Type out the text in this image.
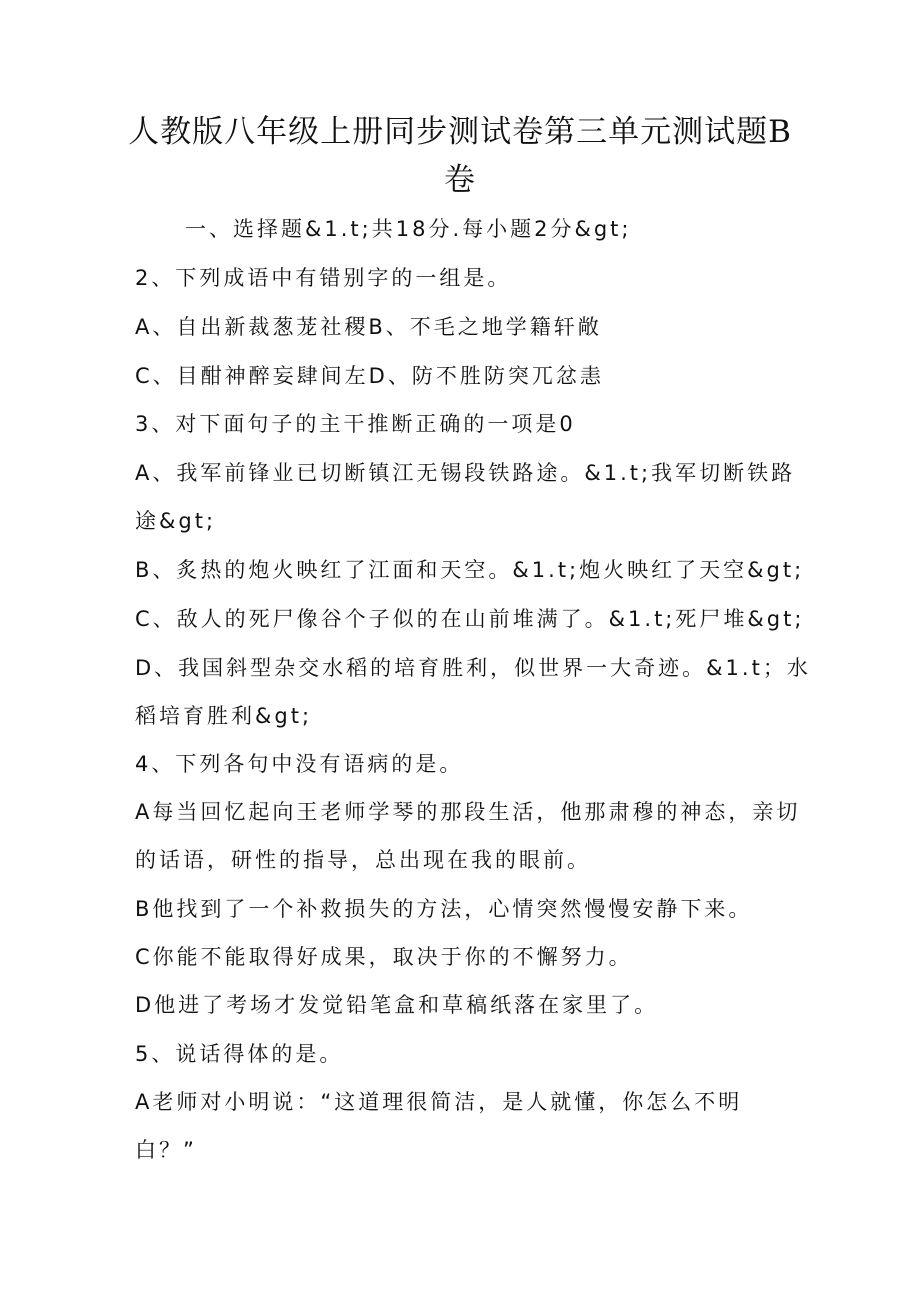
人教版八年级上册同步测试卷第三单元测试题B
卷
一、选择题&1.t;共18分.每小题2分&gt;
2、下列成语中有错别字的一组是。
A、自出新裁葱茏社稷B、不毛之地学籍轩敞
C、目酣神醉妄肆间左D、防不胜防突兀忿恚
3、对下面句子的主干推断正确的一项是0
A、我军前锋业已切断镇江无锡段铁路途。&1.t;我军切断铁路
途&gt;
B、炙热的炮火映红了江面和天空。&1.t;炮火映红了天空&gt;
C、敌人的死尸像谷个子似的在山前堆满了。&1.t;死尸堆&gt;
D、我国斜型杂交水稻的培育胜利，似世界一大奇迹。&1.t；水
稻培育胜利&gt;
4、下列各句中没有语病的是。
A每当回忆起向王老师学琴的那段生活，他那肃穆的神态，亲切
的话语，研性的指导，总出现在我的眼前。
B他找到了一个补救损失的方法，心情突然慢慢安静下来。
C你能不能取得好成果，取决于你的不懈努力。
D他进了考场才发觉铅笔盒和草稿纸落在家里了。
5、说话得体的是。
A老师对小明说：“这道理很简洁，是人就懂，你怎么不明
白？”
